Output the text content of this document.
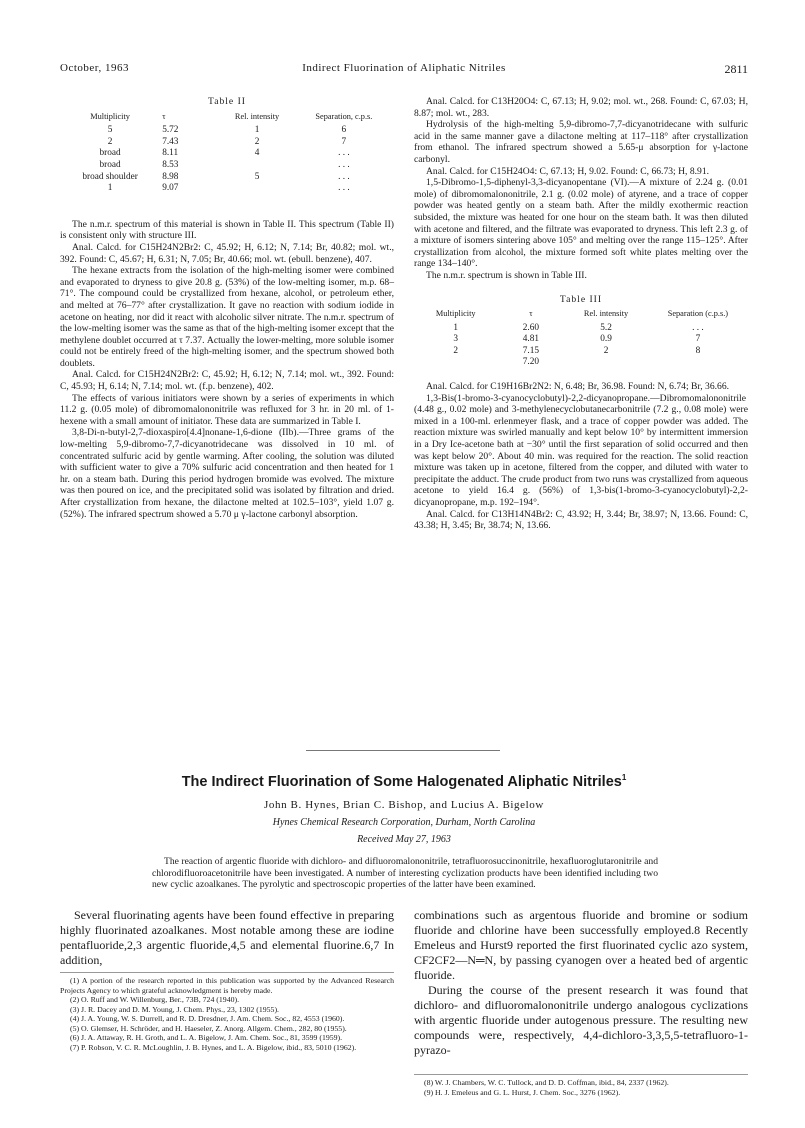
October, 1963	Indirect Fluorination of Aliphatic Nitriles	2811
Table II
Multiplicity	τ	Rel. intensity	Separation, c.p.s.
5	5.72	1	6
2	7.43	2	7
broad	8.11	4	. . .
broad	8.53		. . .
broad shoulder	8.98	5	. . .
1	9.07		. . .

The n.m.r. spectrum of this material is shown in Table II. This spectrum (Table II) is consistent only with structure III.

Anal. Calcd. for C15H24N2Br2: C, 45.92; H, 6.12; N, 7.14; Br, 40.82; mol. wt., 392. Found: C, 45.67; H, 6.31; N, 7.05; Br, 40.66; mol. wt. (ebull. benzene), 407.

The hexane extracts from the isolation of the high-melting isomer were combined and evaporated to dryness to give 20.8 g. (53%) of the low-melting isomer, m.p. 68–71°. The compound could be crystallized from hexane, alcohol, or petroleum ether, and melted at 76–77° after crystallization. It gave no reaction with sodium iodide in acetone on heating, nor did it react with alcoholic silver nitrate. The n.m.r. spectrum of the low-melting isomer was the same as that of the high-melting isomer except that the methylene doublet occurred at τ 7.37. Actually the lower-melting, more soluble isomer could not be entirely freed of the high-melting isomer, and the spectrum showed both doublets.

Anal. Calcd. for C15H24N2Br2: C, 45.92; H, 6.12; N, 7.14; mol. wt., 392. Found: C, 45.93; H, 6.14; N, 7.14; mol. wt. (f.p. benzene), 402.

The effects of various initiators were shown by a series of experiments in which 11.2 g. (0.05 mole) of dibromomalononitrile was refluxed for 3 hr. in 20 ml. of 1-hexene with a small amount of initiator. These data are summarized in Table I.

3,8-Di-n-butyl-2,7-dioxaspiro[4.4]nonane-1,6-dione (IIb).—Three grams of the low-melting 5,9-dibromo-7,7-dicyanotridecane was dissolved in 10 ml. of concentrated sulfuric acid by gentle warming. After cooling, the solution was diluted with sufficient water to give a 70% sulfuric acid concentration and then heated for 1 hr. on a steam bath. During this period hydrogen bromide was evolved. The mixture was then poured on ice, and the precipitated solid was isolated by filtration and dried. After crystallization from hexane, the dilactone melted at 102.5–103°, yield 1.07 g. (52%). The infrared spectrum showed a 5.70 μ γ-lactone carbonyl absorption.

Anal. Calcd. for C13H20O4: C, 67.13; H, 9.02; mol. wt., 268. Found: C, 67.03; H, 8.87; mol. wt., 283.

Hydrolysis of the high-melting 5,9-dibromo-7,7-dicyanotridecane with sulfuric acid in the same manner gave a dilactone melting at 117–118° after crystallization from ethanol. The infrared spectrum showed a 5.65-μ absorption for γ-lactone carbonyl.

Anal. Calcd. for C15H24O4: C, 67.13; H, 9.02. Found: C, 66.73; H, 8.91.

1,5-Dibromo-1,5-diphenyl-3,3-dicyanopentane (VI).—A mixture of 2.24 g. (0.01 mole) of dibromomalononitrile, 2.1 g. (0.02 mole) of atyrene, and a trace of copper powder was heated gently on a steam bath. After the mildly exothermic reaction subsided, the mixture was heated for one hour on the steam bath. It was then diluted with acetone and filtered, and the filtrate was evaporated to dryness. This left 2.3 g. of a mixture of isomers sintering above 105° and melting over the range 115–125°. After crystallization from alcohol, the mixture formed soft white plates melting over the range 134–140°.

The n.m.r. spectrum is shown in Table III.

Table III
Multiplicity	τ	Rel. intensity	Separation (c.p.s.)
1	2.60	5.2	. . .
3	4.81	0.9	7
2	7.15	2	8
	7.20		

Anal. Calcd. for C19H16Br2N2: N, 6.48; Br, 36.98. Found: N, 6.74; Br, 36.66.

1,3-Bis(1-bromo-3-cyanocyclobutyl)-2,2-dicyanopropane.—Dibromomalononitrile (4.48 g., 0.02 mole) and 3-methylenecyclobutanecarbonitrile (7.2 g., 0.08 mole) were mixed in a 100-ml. erlenmeyer flask, and a trace of copper powder was added. The reaction mixture was swirled manually and kept below 10° by intermittent immersion in a Dry Ice-acetone bath at −30° until the first separation of solid occurred and then was kept below 20°. About 40 min. was required for the reaction. The solid reaction mixture was taken up in acetone, filtered from the copper, and diluted with water to precipitate the adduct. The crude product from two runs was crystallized from aqueous acetone to yield 16.4 g. (56%) of 1,3-bis(1-bromo-3-cyanocyclobutyl)-2,2-dicyanopropane, m.p. 192–194°.

Anal. Calcd. for C13H14N4Br2: C, 43.92; H, 3.44; Br, 38.97; N, 13.66. Found: C, 43.38; H, 3.45; Br, 38.74; N, 13.66.

The Indirect Fluorination of Some Halogenated Aliphatic Nitriles$^1$
John B. Hynes, Brian C. Bishop, and Lucius A. Bigelow
Hynes Chemical Research Corporation, Durham, North Carolina
Received May 27, 1963

The reaction of argentic fluoride with dichloro- and difluoromalononitrile, tetrafluorosuccinonitrile, hexafluoroglutaronitrile and chlorodifluoroacetonitrile have been investigated. A number of interesting cyclization products have been identified including two new cyclic azoalkanes. The pyrolytic and spectroscopic properties of the latter have been examined.

Several fluorinating agents have been found effective in preparing highly fluorinated azoalkanes. Most notable among these are iodine pentafluoride,2,3 argentic fluoride,4,5 and elemental fluorine.6,7 In addition,

(1) A portion of the research reported in this publication was supported by the Advanced Research Projects Agency to which grateful acknowledgment is hereby made.

(2) O. Ruff and W. Willenburg, Ber., 73B, 724 (1940).

(3) J. R. Dacey and D. M. Young, J. Chem. Phys., 23, 1302 (1955).

(4) J. A. Young, W. S. Durrell, and R. D. Dresdner, J. Am. Chem. Soc., 82, 4553 (1960).

(5) O. Glemser, H. Schröder, and H. Haeseler, Z. Anorg. Allgem. Chem., 282, 80 (1955).

(6) J. A. Attaway, R. H. Groth, and L. A. Bigelow, J. Am. Chem. Soc., 81, 3599 (1959).

(7) P. Robson, V. C. R. McLoughlin, J. B. Hynes, and L. A. Bigelow, ibid., 83, 5010 (1962).

combinations such as argentous fluoride and bromine or sodium fluoride and chlorine have been successfully employed.8 Recently Emeleus and Hurst9 reported the first fluorinated cyclic azo system, CF2CF2—N═N, by passing cyanogen over a heated bed of argentic fluoride.

During the course of the present research it was found that dichloro- and difluoromalononitrile undergo analogous cyclizations with argentic fluoride under autogenous pressure. The resulting new compounds were, respectively, 4,4-dichloro-3,3,5,5-tetrafluoro-1-pyrazo-

(8) W. J. Chambers, W. C. Tullock, and D. D. Coffman, ibid., 84, 2337 (1962).

(9) H. J. Emeleus and G. L. Hurst, J. Chem. Soc., 3276 (1962).
